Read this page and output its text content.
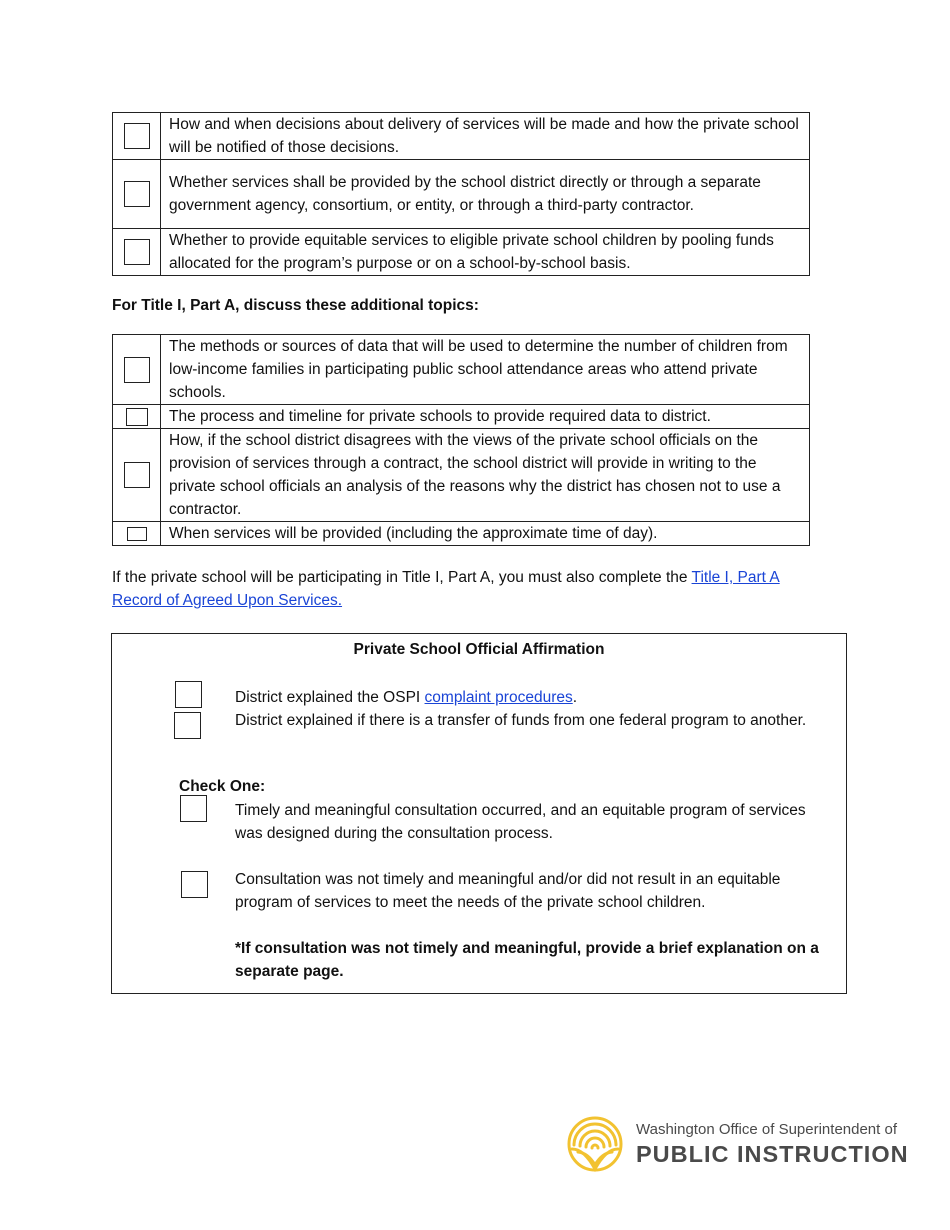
	How and when decisions about delivery of services will be made and how the private school will be notified of those decisions.
	Whether services shall be provided by the school district directly or through a separate government agency, consortium, or entity, or through a third-party contractor.
	Whether to provide equitable services to eligible private school children by pooling funds allocated for the program’s purpose or on a school-by-school basis.
For Title I, Part A, discuss these additional topics:
	The methods or sources of data that will be used to determine the number of children from low-income families in participating public school attendance areas who attend private schools.
	The process and timeline for private schools to provide required data to district.
	How, if the school district disagrees with the views of the private school officials on the provision of services through a contract, the school district will provide in writing to the private school officials an analysis of the reasons why the district has chosen not to use a contractor.
	When services will be provided (including the approximate time of day).
If the private school will be participating in Title I, Part A, you must also complete the Title I, Part A Record of Agreed Upon Services.
Private School Official Affirmation
District explained the OSPI complaint procedures.
District explained if there is a transfer of funds from one federal program to another.
Check One:
Timely and meaningful consultation occurred, and an equitable program of services was designed during the consultation process.
Consultation was not timely and meaningful and/or did not result in an equitable program of services to meet the needs of the private school children.
*If consultation was not timely and meaningful, provide a brief explanation on a separate page.
Washington Office of Superintendent of
PUBLIC INSTRUCTION
